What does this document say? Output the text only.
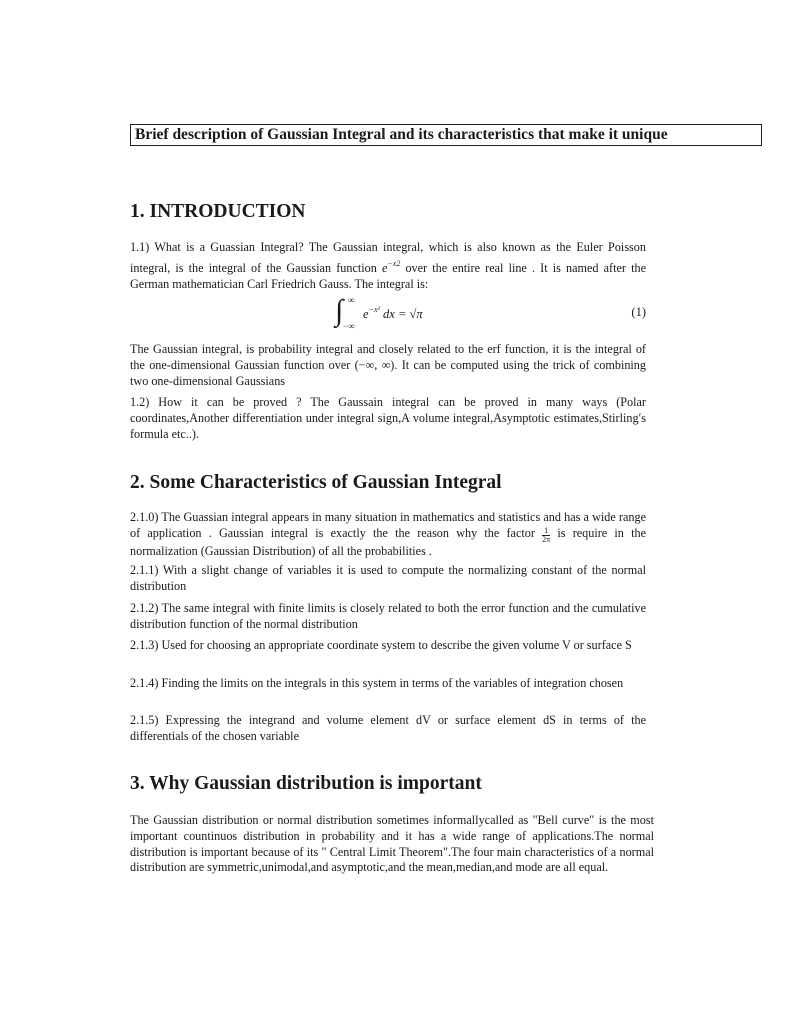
Brief description of Gaussian Integral and its characteristics that make it unique
1. INTRODUCTION

1.1) What is a Guassian Integral? The Gaussian integral, which is also known as the Euler Poisson integral, is the integral of the Gaussian function $e^{-x2}$ over the entire real line . It is named after the German mathematician Carl Friedrich Gauss. The integral is:

∫ ∞
−∞
$e^{-x^2}$ dx = √π	(1)

The Gaussian integral, is probability integral and closely related to the erf function, it is the integral of the one-dimensional Gaussian function over (−∞, ∞). It can be computed using the trick of combining two one-dimensional Gaussians

1.2) How it can be proved ? The Gaussain integral can be proved in many ways (Polar coordinates,Another differentiation under integral sign,A volume integral,Asymptotic estimates,Stirling′s formula etc..).

2. Some Characteristics of Gaussian Integral

2.1.0) The Guassian integral appears in many situation in mathematics and statistics and has a wide range of application . Gaussian integral is exactly the the reason why the factor $\frac{1}{2\pi}$ is require in the normalization (Gaussian Distribution) of all the probabilities .

2.1.1) With a slight change of variables it is used to compute the normalizing constant of the normal distribution

2.1.2) The same integral with finite limits is closely related to both the error function and the cumulative distribution function of the normal distribution

2.1.3) Used for choosing an appropriate coordinate system to describe the given volume V or surface S

2.1.4) Finding the limits on the integrals in this system in terms of the variables of integration chosen

2.1.5) Expressing the integrand and volume element dV or surface element dS in terms of the differentials of the chosen variable

3. Why Gaussian distribution is important

The Gaussian distribution or normal distribution sometimes informallycalled as "Bell curve" is the most important countinuos distribution in probability and it has a wide range of applications.The normal distribution is important because of its " Central Limit Theorem".The four main characteristics of a normal distribution are symmetric,unimodal,and asymptotic,and the mean,median,and mode are all equal.
